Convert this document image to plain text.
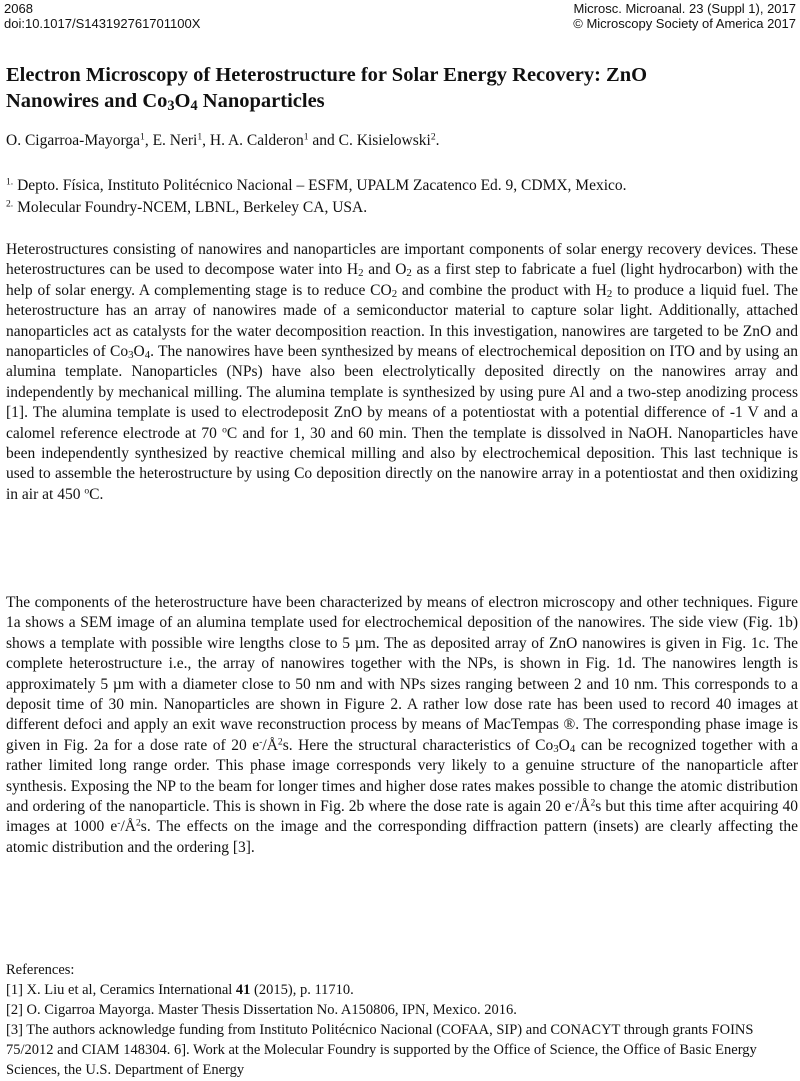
2068
doi:10.1017/S143192761701100X
Microsc. Microanal. 23 (Suppl 1), 2017
© Microscopy Society of America 2017
Electron Microscopy of Heterostructure for Solar Energy Recovery: ZnO
Nanowires and $Co_3O_4$ Nanoparticles
O. Cigarroa-Mayorga$^1$, E. Neri$^1$, H. A. Calderon$^1$ and C. Kisielowski$^2$.
$^{1.}$ Depto. Física, Instituto Politécnico Nacional – ESFM, UPALM Zacatenco Ed. 9, CDMX, Mexico.
$^{2.}$ Molecular Foundry-NCEM, LBNL, Berkeley CA, USA.

Heterostructures consisting of nanowires and nanoparticles are important components of solar energy recovery devices. These heterostructures can be used to decompose water into $H_2$ and $O_2$ as a first step to fabricate a fuel (light hydrocarbon) with the help of solar energy. A complementing stage is to reduce $CO_2$ and combine the product with $H_2$ to produce a liquid fuel. The heterostructure has an array of nanowires made of a semiconductor material to capture solar light. Additionally, attached nanoparticles act as catalysts for the water decomposition reaction. In this investigation, nanowires are targeted to be ZnO and nanoparticles of $Co_3O_4$. The nanowires have been synthesized by means of electrochemical deposition on ITO and by using an alumina template. Nanoparticles (NPs) have also been electrolytically deposited directly on the nanowires array and independently by mechanical milling. The alumina template is synthesized by using pure Al and a two-step anodizing process [1]. The alumina template is used to electrodeposit ZnO by means of a potentiostat with a potential difference of -1 V and a calomel reference electrode at 70 $^o$C and for 1, 30 and 60 min. Then the template is dissolved in NaOH. Nanoparticles have been independently synthesized by reactive chemical milling and also by electrochemical deposition. This last technique is used to assemble the heterostructure by using Co deposition directly on the nanowire array in a potentiostat and then oxidizing in air at 450 $^o$C.

The components of the heterostructure have been characterized by means of electron microscopy and other techniques. Figure 1a shows a SEM image of an alumina template used for electrochemical deposition of the nanowires. The side view (Fig. 1b) shows a template with possible wire lengths close to 5 µm. The as deposited array of ZnO nanowires is given in Fig. 1c. The complete heterostructure i.e., the array of nanowires together with the NPs, is shown in Fig. 1d. The nanowires length is approximately 5 µm with a diameter close to 50 nm and with NPs sizes ranging between 2 and 10 nm. This corresponds to a deposit time of 30 min. Nanoparticles are shown in Figure 2. A rather low dose rate has been used to record 40 images at different defoci and apply an exit wave reconstruction process by means of MacTempas ®. The corresponding phase image is given in Fig. 2a for a dose rate of 20 $e^-/Å^2s$. Here the structural characteristics of $Co_3O_4$ can be recognized together with a rather limited long range order. This phase image corresponds very likely to a genuine structure of the nanoparticle after synthesis. Exposing the NP to the beam for longer times and higher dose rates makes possible to change the atomic distribution and ordering of the nanoparticle. This is shown in Fig. 2b where the dose rate is again 20 $e^-/Å^2s$ but this time after acquiring 40 images at 1000 $e^-/Å^2s$. The effects on the image and the corresponding diffraction pattern (insets) are clearly affecting the atomic distribution and the ordering [3].

References:
[1] X. Liu et al, Ceramics International 41 (2015), p. 11710.
[2] O. Cigarroa Mayorga. Master Thesis Dissertation No. A150806, IPN, Mexico. 2016.
[3] The authors acknowledge funding from Instituto Politécnico Nacional (COFAA, SIP) and CONACYT through grants FOINS 75/2012 and CIAM 148304. 6]. Work at the Molecular Foundry is supported by the Office of Science, the Office of Basic Energy Sciences, the U.S. Department of Energy
